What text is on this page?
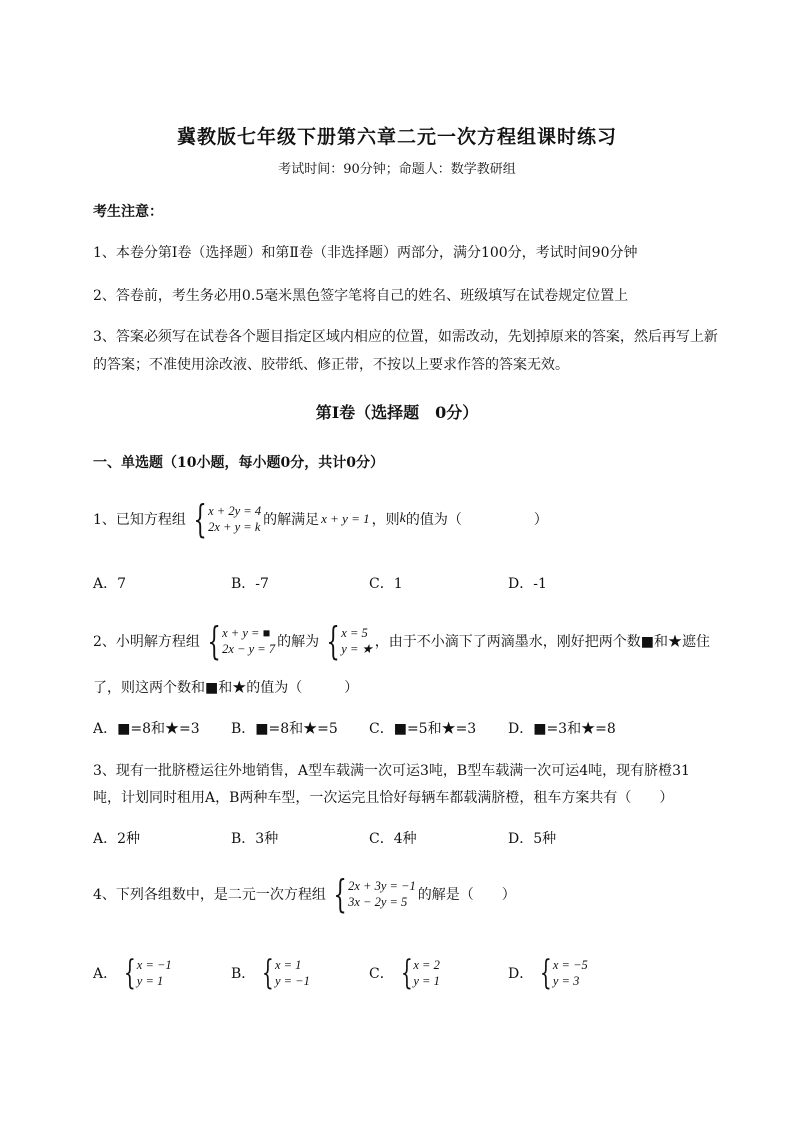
冀教版七年级下册第六章二元一次方程组课时练习
考试时间：90分钟；命题人：数学教研组
考生注意：
1、本卷分第I卷（选择题）和第Ⅱ卷（非选择题）两部分，满分100分，考试时间90分钟
2、答卷前，考生务必用0.5毫米黑色签字笔将自己的姓名、班级填写在试卷规定位置上
3、答案必须写在试卷各个题目指定区域内相应的位置，如需改动，先划掉原来的答案，然后再写上新
的答案；不准使用涂改液、胶带纸、修正带，不按以上要求作答的答案无效。
第I卷（选择题　0分）
一、单选题（10小题，每小题0分，共计0分）
1、已知方程组 { x + 2y = 4
2x + y = k 的解满足 x + y = 1 ，则 k 的值为（	）
A．7	B．-7	C．1	D．-1
2、小明解方程组 { x + y = ■
2x − y = 7 的解为 { x = 5
y = ★ ，由于不小滴下了两滴墨水，刚好把两个数■和★遮住
了，则这两个数和■和★的值为（　　　）
A．■=8和★=3 B．■=8和★=5 C．■=5和★=3 D．■=3和★=8
3、现有一批脐橙运往外地销售，A型车载满一次可运3吨，B型车载满一次可运4吨，现有脐橙31
吨，计划同时租用A，B两种车型，一次运完且恰好每辆车都载满脐橙，租车方案共有（　　）
A．2种	B．3种	C．4种	D．5种
4、下列各组数中，是二元一次方程组 { 2x + 3y = −1
3x − 2y = 5 的解是（　　）
A． { x = −1
y = 1	B． { x = 1
y = −1	C． { x = 2
y = 1	D． { x = −5
y = 3
